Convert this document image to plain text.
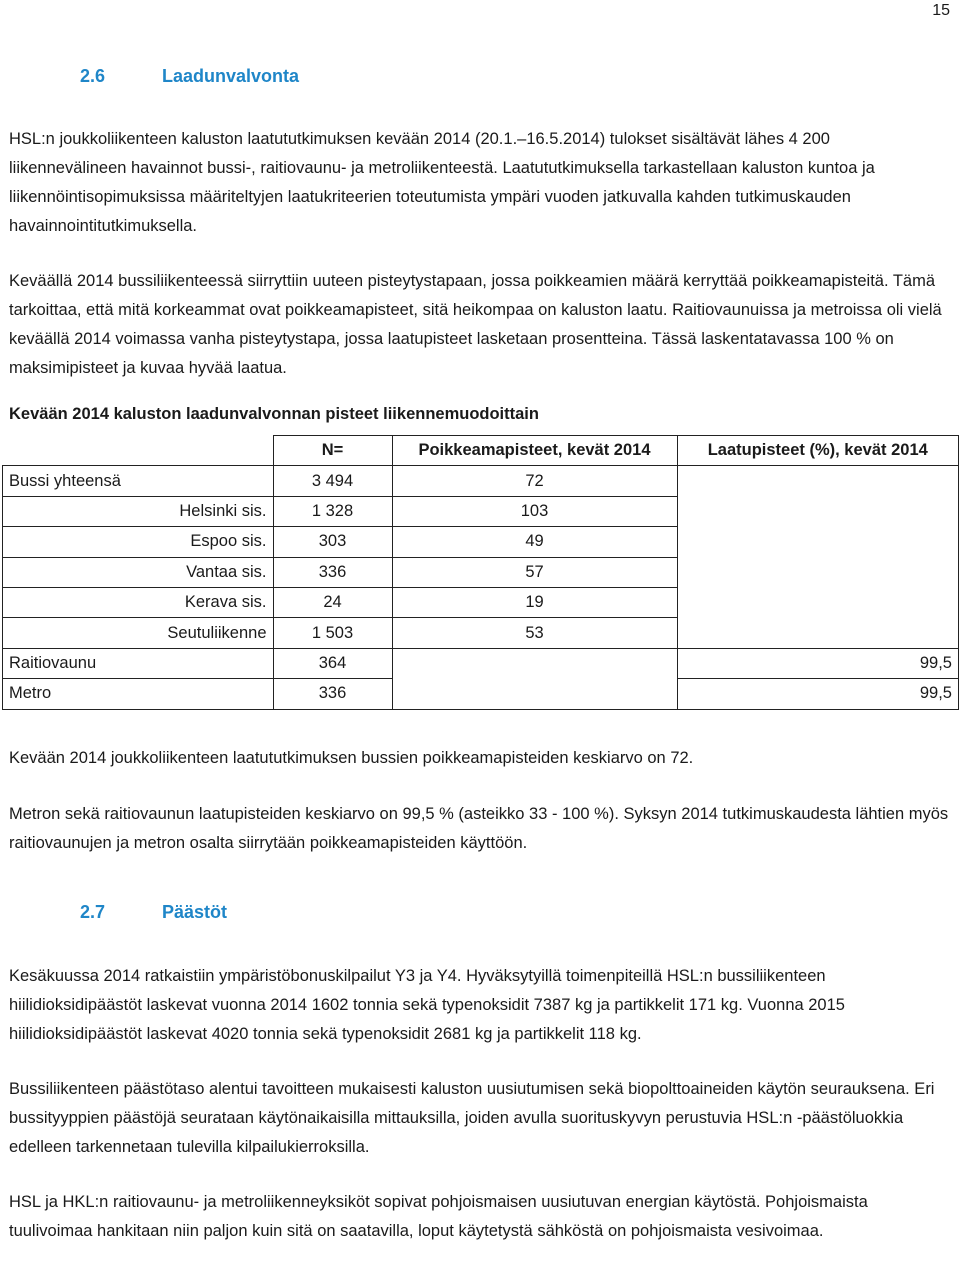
15
2.6	Laadunvalvonta

HSL:n joukkoliikenteen kaluston laatututkimuksen kevään 2014 (20.1.–16.5.2014) tulokset sisältävät lähes 4 200 liikennevälineen havainnot bussi-, raitiovaunu- ja metroliikenteestä. Laatututkimuksella tarkastellaan kaluston kuntoa ja liikennöintisopimuksissa määriteltyjen laatukriteerien toteutumista ympäri vuoden jatkuvalla kahden tutkimuskauden havainnointitutkimuksella.

Keväällä 2014 bussiliikenteessä siirryttiin uuteen pisteytystapaan, jossa poikkeamien määrä kerryttää poikkeamapisteitä. Tämä tarkoittaa, että mitä korkeammat ovat poikkeamapisteet, sitä heikompaa on kaluston laatu. Raitiovaunuissa ja metroissa oli vielä keväällä 2014 voimassa vanha pisteytystapa, jossa laatupisteet lasketaan prosentteina. Tässä laskentatavassa 100 % on maksimipisteet ja kuvaa hyvää laatua.

Kevään 2014 kaluston laadunvalvonnan pisteet liikennemuodoittain

	N=	Poikkeamapisteet, kevät 2014	Laatupisteet (%), kevät 2014
Bussi yhteensä	3 494	72	
Helsinki sis.	1 328	103	
Espoo sis.	303	49	
Vantaa sis.	336	57	
Kerava sis.	24	19	
Seutuliikenne	1 503	53	
Raitiovaunu	364		99,5
Metro	336		99,5

Kevään 2014 joukkoliikenteen laatututkimuksen bussien poikkeamapisteiden keskiarvo on 72.

Metron sekä raitiovaunun laatupisteiden keskiarvo on 99,5 % (asteikko 33 - 100 %). Syksyn 2014 tutkimuskaudesta lähtien myös raitiovaunujen ja metron osalta siirrytään poikkeamapisteiden käyttöön.

2.7	Päästöt

Kesäkuussa 2014 ratkaistiin ympäristöbonuskilpailut Y3 ja Y4. Hyväksytyillä toimenpiteillä HSL:n bussiliikenteen hiilidioksidipäästöt laskevat vuonna 2014 1602 tonnia sekä typenoksidit 7387 kg ja partikkelit 171 kg. Vuonna 2015 hiilidioksidipäästöt laskevat 4020 tonnia sekä typenoksidit 2681 kg ja partikkelit 118 kg.

Bussiliikenteen päästötaso alentui tavoitteen mukaisesti kaluston uusiutumisen sekä biopolttoaineiden käytön seurauksena. Eri bussityyppien päästöjä seurataan käytönaikaisilla mittauksilla, joiden avulla suorituskyvyn perustuvia HSL:n -päästöluokkia edelleen tarkennetaan tulevilla kilpailukierroksilla.

HSL ja HKL:n raitiovaunu- ja metroliikenneyksiköt sopivat pohjoismaisen uusiutuvan energian käytöstä. Pohjoismaista tuulivoimaa hankitaan niin paljon kuin sitä on saatavilla, loput käytetystä sähköstä on pohjoismaista vesivoimaa.
